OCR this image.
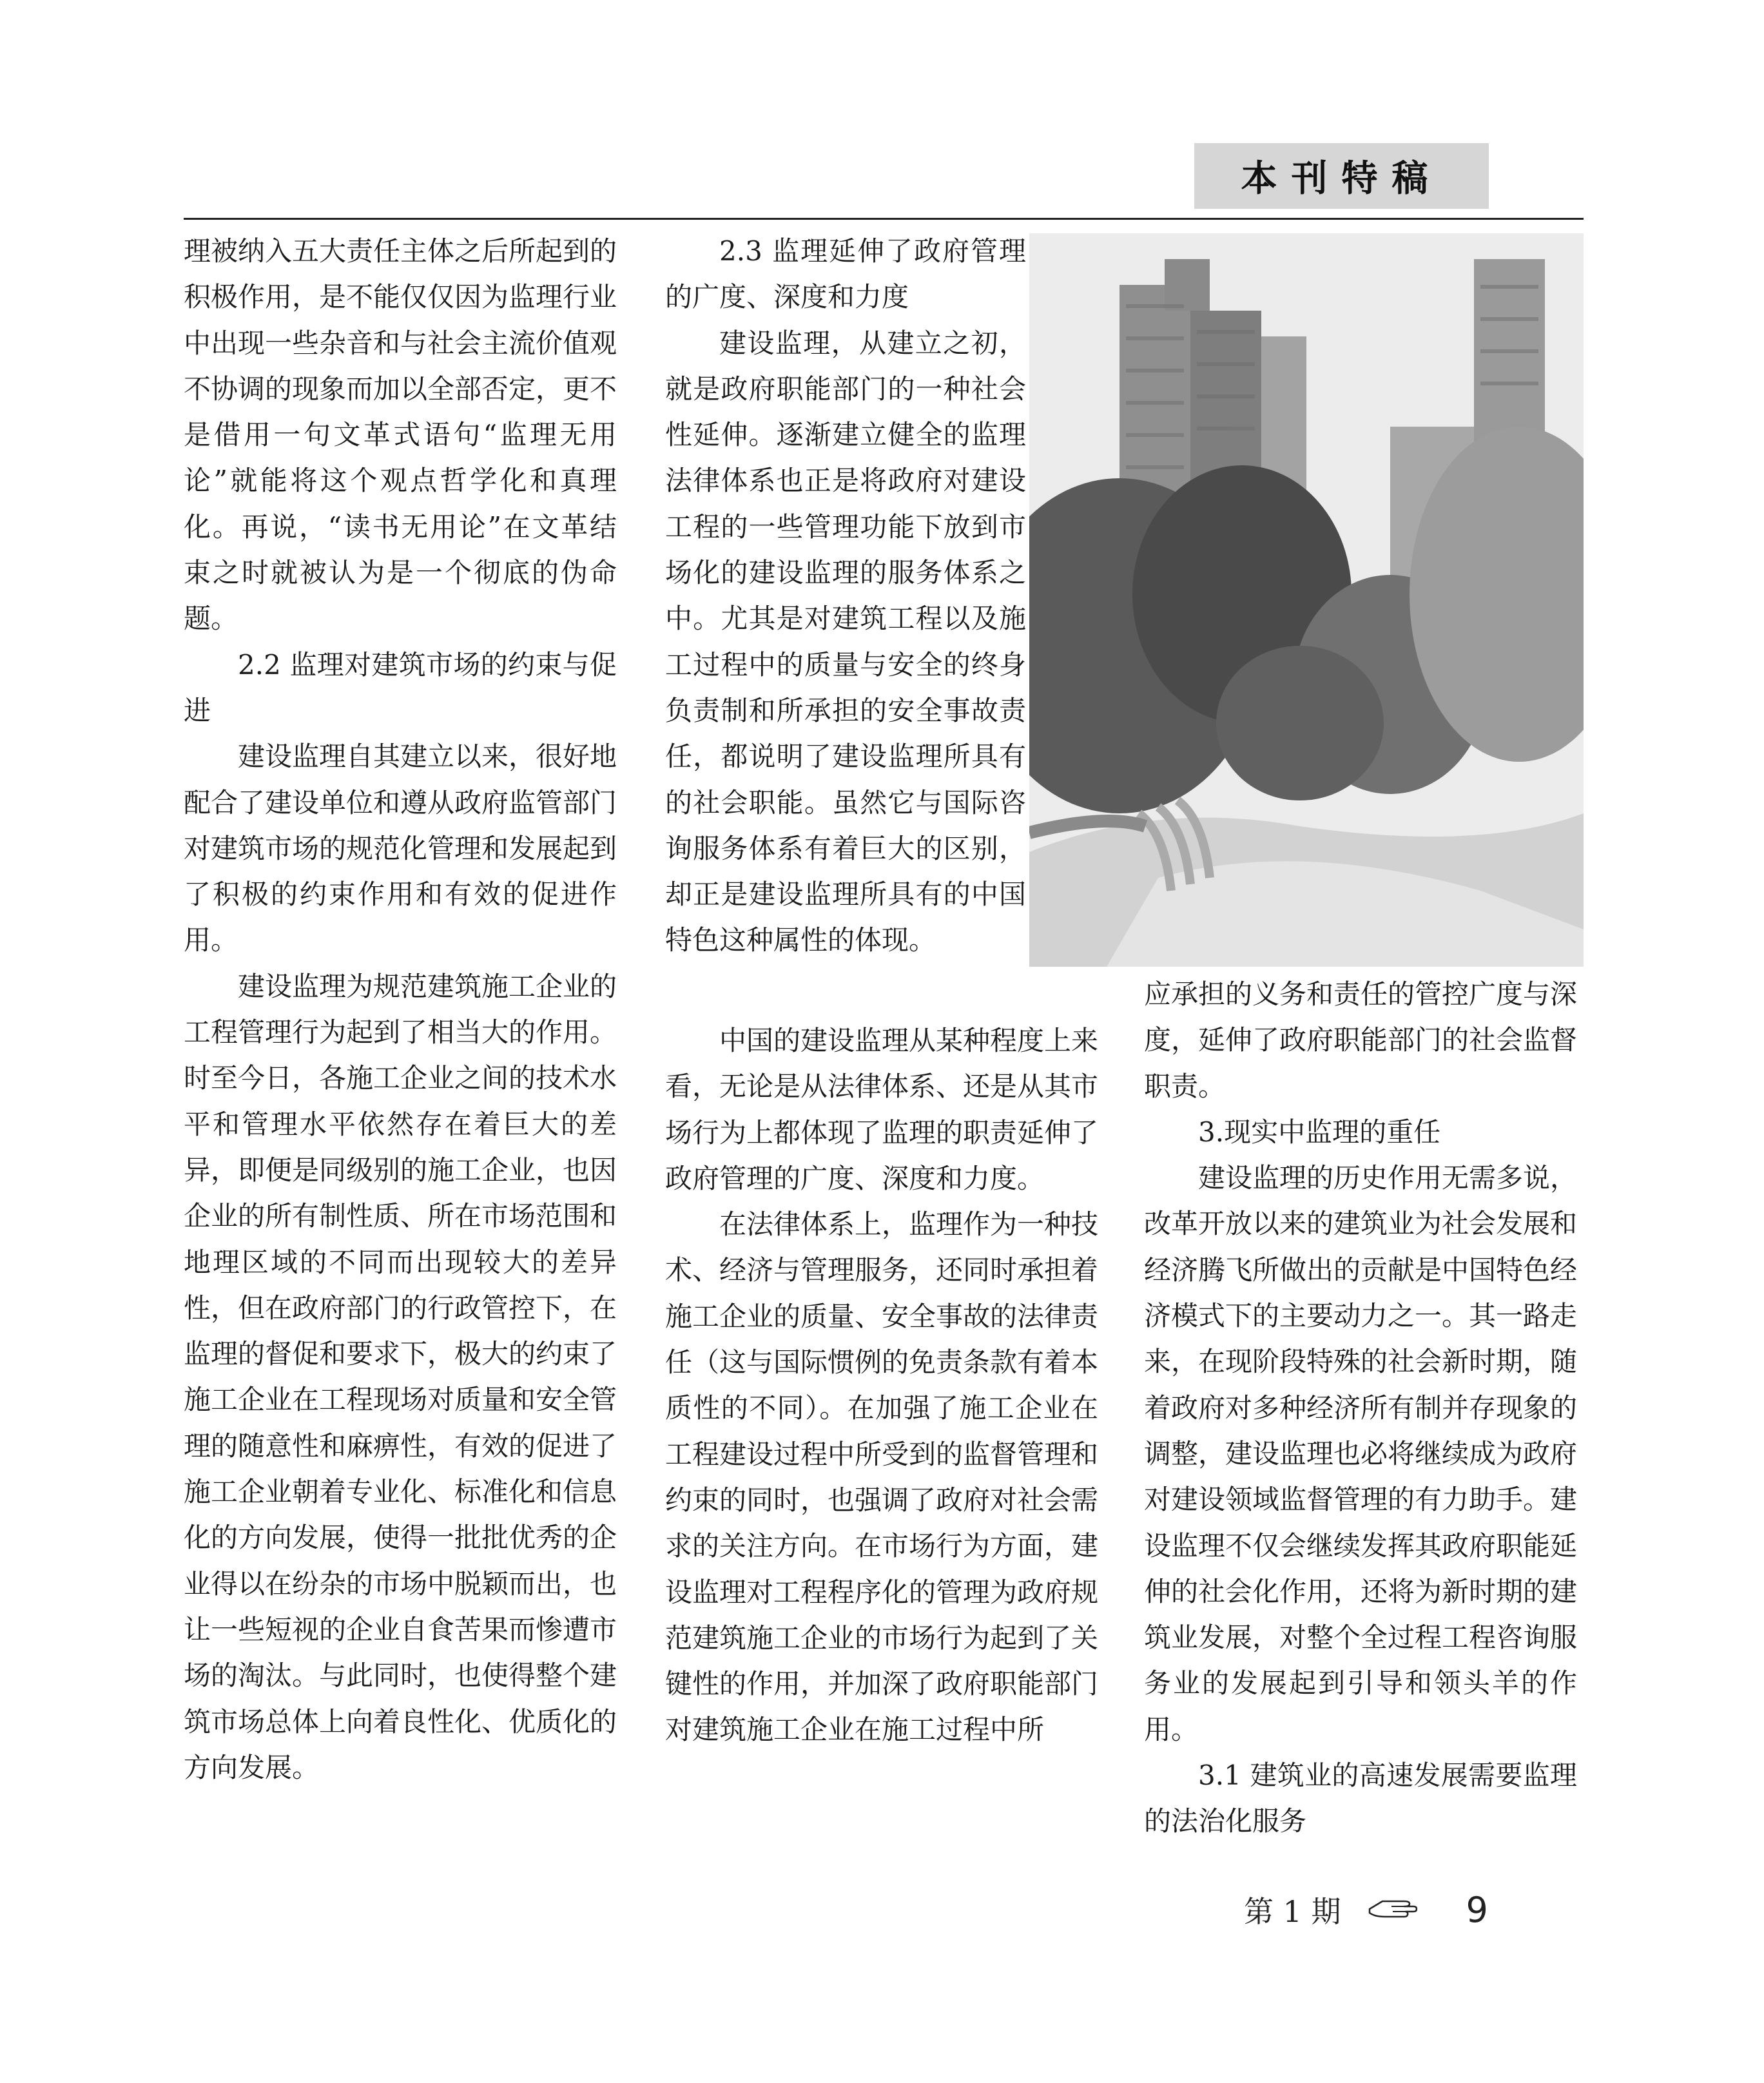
本刊特稿

理被纳入五大责任主体之后所起到的积极作用，是不能仅仅因为监理行业中出现一些杂音和与社会主流价值观不协调的现象而加以全部否定，更不是借用一句文革式语句“监理无用论”就能将这个观点哲学化和真理化。再说，“读书无用论”在文革结束之时就被认为是一个彻底的伪命题。

2.2 监理对建筑市场的约束与促进

建设监理自其建立以来，很好地配合了建设单位和遵从政府监管部门对建筑市场的规范化管理和发展起到了积极的约束作用和有效的促进作用。

建设监理为规范建筑施工企业的工程管理行为起到了相当大的作用。时至今日，各施工企业之间的技术水平和管理水平依然存在着巨大的差异，即便是同级别的施工企业，也因企业的所有制性质、所在市场范围和地理区域的不同而出现较大的差异性，但在政府部门的行政管控下，在监理的督促和要求下，极大的约束了施工企业在工程现场对质量和安全管理的随意性和麻痹性，有效的促进了施工企业朝着专业化、标准化和信息化的方向发展，使得一批批优秀的企业得以在纷杂的市场中脱颖而出，也让一些短视的企业自食苦果而惨遭市场的淘汰。与此同时，也使得整个建筑市场总体上向着良性化、优质化的方向发展。

2.3 监理延伸了政府管理的广度、深度和力度

建设监理，从建立之初，就是政府职能部门的一种社会性延伸。逐渐建立健全的监理法律体系也正是将政府对建设工程的一些管理功能下放到市场化的建设监理的服务体系之中。尤其是对建筑工程以及施工过程中的质量与安全的终身负责制和所承担的安全事故责任，都说明了建设监理所具有的社会职能。虽然它与国际咨询服务体系有着巨大的区别，却正是建设监理所具有的中国特色这种属性的体现。

中国的建设监理从某种程度上来看，无论是从法律体系、还是从其市场行为上都体现了监理的职责延伸了政府管理的广度、深度和力度。

在法律体系上，监理作为一种技术、经济与管理服务，还同时承担着施工企业的质量、安全事故的法律责任（这与国际惯例的免责条款有着本质性的不同）。在加强了施工企业在工程建设过程中所受到的监督管理和约束的同时，也强调了政府对社会需求的关注方向。在市场行为方面，建设监理对工程程序化的管理为政府规范建筑施工企业的市场行为起到了关键性的作用，并加深了政府职能部门对建筑施工企业在施工过程中所

应承担的义务和责任的管控广度与深度，延伸了政府职能部门的社会监督职责。

3.现实中监理的重任

建设监理的历史作用无需多说，改革开放以来的建筑业为社会发展和经济腾飞所做出的贡献是中国特色经济模式下的主要动力之一。其一路走来，在现阶段特殊的社会新时期，随着政府对多种经济所有制并存现象的调整，建设监理也必将继续成为政府对建设领域监督管理的有力助手。建设监理不仅会继续发挥其政府职能延伸的社会化作用，还将为新时期的建筑业发展，对整个全过程工程咨询服务业的发展起到引导和领头羊的作用。

3.1 建筑业的高速发展需要监理的法治化服务

第 1 期	9
